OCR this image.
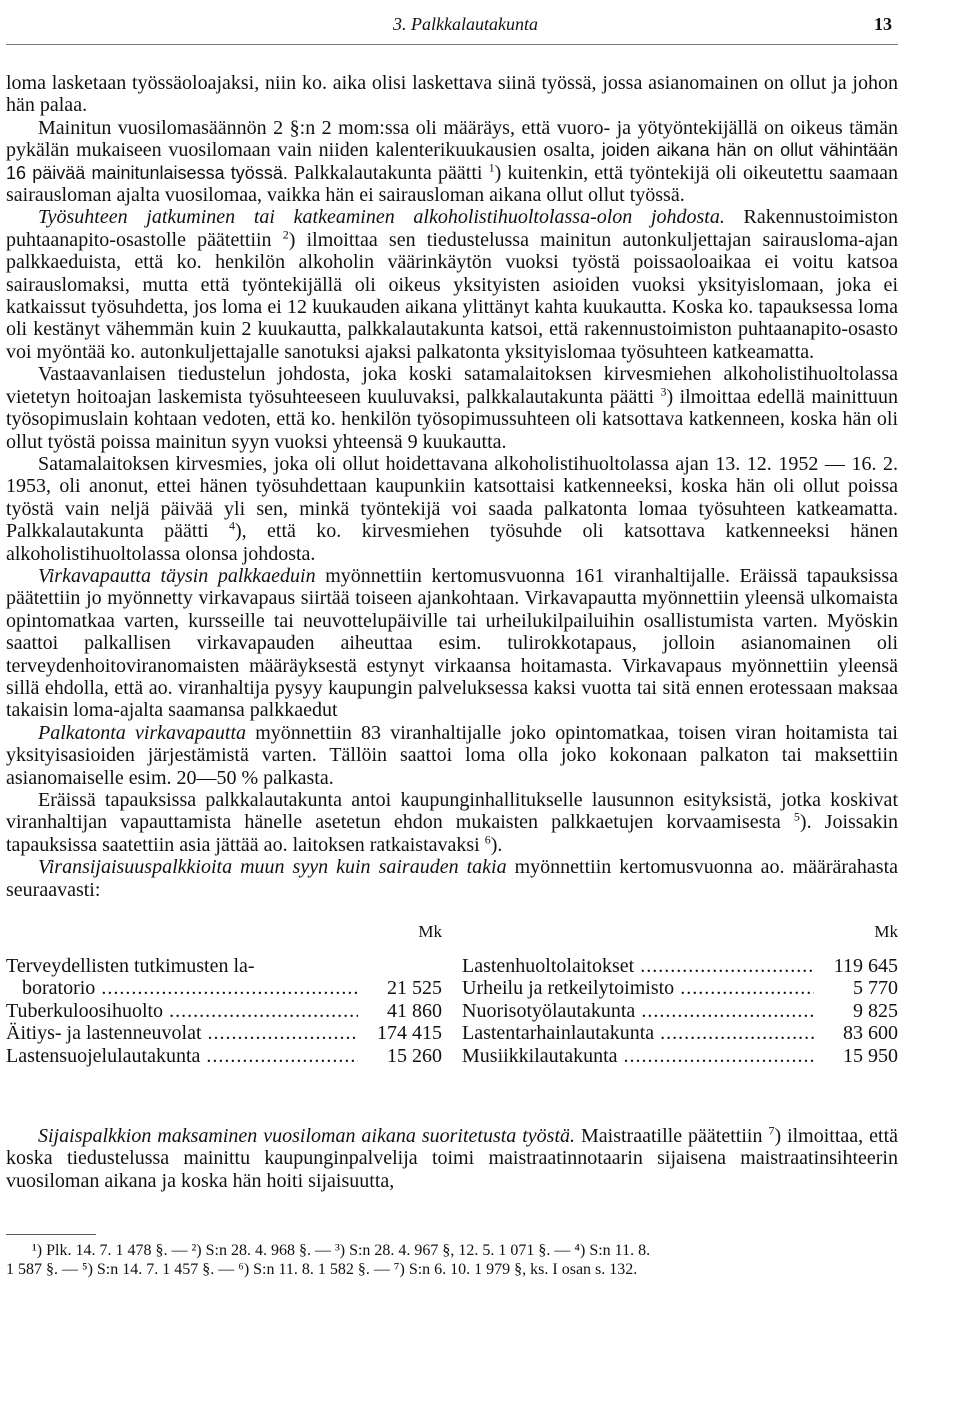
3. Palkkalautakunta	13

loma lasketaan työssäoloajaksi, niin ko. aika olisi laskettava siinä työssä, jossa asianomainen on ollut ja johon hän palaa.

Mainitun vuosilomasäännön 2 §:n 2 mom:ssa oli määräys, että vuoro- ja yötyöntekijällä on oikeus tämän pykälän mukaiseen vuosilomaan vain niiden kalenterikuukausien osalta, joiden aikana hän on ollut vähintään 16 päivää mainitunlaisessa työssä. Palkkalautakunta päätti $^1$) kuitenkin, että työntekijä oli oikeutettu saamaan sairausloman ajalta vuosilomaa, vaikka hän ei sairausloman aikana ollut ollut työssä.

Työsuhteen jatkuminen tai katkeaminen alkoholistihuoltolassa-olon johdosta. Rakennustoimiston puhtaanapito-osastolle päätettiin $^2$) ilmoittaa sen tiedustelussa mainitun autonkuljettajan sairausloma-ajan palkkaeduista, että ko. henkilön alkoholin väärinkäytön vuoksi työstä poissaoloaikaa ei voitu katsoa sairauslomaksi, mutta että työntekijällä oli oikeus yksityisten asioiden vuoksi yksityislomaan, joka ei katkaissut työsuhdetta, jos loma ei 12 kuukauden aikana ylittänyt kahta kuukautta. Koska ko. tapauksessa loma oli kestänyt vähemmän kuin 2 kuukautta, palkkalautakunta katsoi, että rakennustoimiston puhtaanapito-osasto voi myöntää ko. autonkuljettajalle sanotuksi ajaksi palkatonta yksityislomaa työsuhteen katkeamatta.

Vastaavanlaisen tiedustelun johdosta, joka koski satamalaitoksen kirvesmiehen alkoholistihuoltolassa vietetyn hoitoajan laskemista työsuhteeseen kuuluvaksi, palkkalautakunta päätti $^3$) ilmoittaa edellä mainittuun työsopimuslain kohtaan vedoten, että ko. henkilön työsopimussuhteen oli katsottava katkenneen, koska hän oli ollut työstä poissa mainitun syyn vuoksi yhteensä 9 kuukautta.

Satamalaitoksen kirvesmies, joka oli ollut hoidettavana alkoholistihuoltolassa ajan 13. 12. 1952 — 16. 2. 1953, oli anonut, ettei hänen työsuhdettaan kaupunkiin katsottaisi katkenneeksi, koska hän oli ollut poissa työstä vain neljä päivää yli sen, minkä työntekijä voi saada palkatonta lomaa työsuhteen katkeamatta. Palkkalautakunta päätti $^4$), että ko. kirvesmiehen työsuhde oli katsottava katkenneeksi hänen alkoholistihuoltolassa olonsa johdosta.

Virkavapautta täysin palkkaeduin myönnettiin kertomusvuonna 161 viranhaltijalle. Eräissä tapauksissa päätettiin jo myönnetty virkavapaus siirtää toiseen ajankohtaan. Virkavapautta myönnettiin yleensä ulkomaista opintomatkaa varten, kursseille tai neuvottelupäiville tai urheilukilpailuihin osallistumista varten. Myöskin saattoi palkallisen virkavapauden aiheuttaa esim. tulirokkotapaus, jolloin asianomainen oli terveydenhoitoviranomaisten määräyksestä estynyt virkaansa hoitamasta. Virkavapaus myönnettiin yleensä sillä ehdolla, että ao. viranhaltija pysyy kaupungin palveluksessa kaksi vuotta tai sitä ennen erotessaan maksaa takaisin loma-ajalta saamansa palkkaedut

Palkatonta virkavapautta myönnettiin 83 viranhaltijalle joko opintomatkaa, toisen viran hoitamista tai yksityisasioiden järjestämistä varten. Tällöin saattoi loma olla joko kokonaan palkaton tai maksettiin asianomaiselle esim. 20—50 % palkasta.

Eräissä tapauksissa palkkalautakunta antoi kaupunginhallitukselle lausunnon esityksistä, jotka koskivat viranhaltijan vapauttamista hänelle asetetun ehdon mukaisten palkkaetujen korvaamisesta $^5$). Joissakin tapauksissa saatettiin asia jättää ao. laitoksen ratkaistavaksi $^6$).

Viransijaisuuspalkkioita muun syyn kuin sairauden takia myönnettiin kertomusvuonna ao. määrärahasta seuraavasti:

Mk
Terveydellisten tutkimusten la-
boratorio .....	21 525
Tuberkuloosihuolto .....	41 860
Äitiys- ja lastenneuvolat .....	174 415
Lastensuojelulautakunta .....	15 260
Mk
Lastenhuoltolaitokset .....	119 645
Urheilu ja retkeilytoimisto .....	5 770
Nuorisotyölautakunta .....	9 825
Lastentarhainlautakunta .....	83 600
Musiikkilautakunta .....	15 950

Sijaispalkkion maksaminen vuosiloman aikana suoritetusta työstä. Maistraatille päätettiin $^7$) ilmoittaa, että koska tiedustelussa mainittu kaupunginpalvelija toimi maistraatinnotaarin sijaisena maistraatinsihteerin vuosiloman aikana ja koska hän hoiti sijaisuutta,

¹) Plk. 14. 7. 1 478 §. — ²) S:n 28. 4. 968 §. — ³) S:n 28. 4. 967 §, 12. 5. 1 071 §. — ⁴) S:n 11. 8.
1 587 §. — ⁵) S:n 14. 7. 1 457 §. — ⁶) S:n 11. 8. 1 582 §. — ⁷) S:n 6. 10. 1 979 §, ks. I osan s. 132.
